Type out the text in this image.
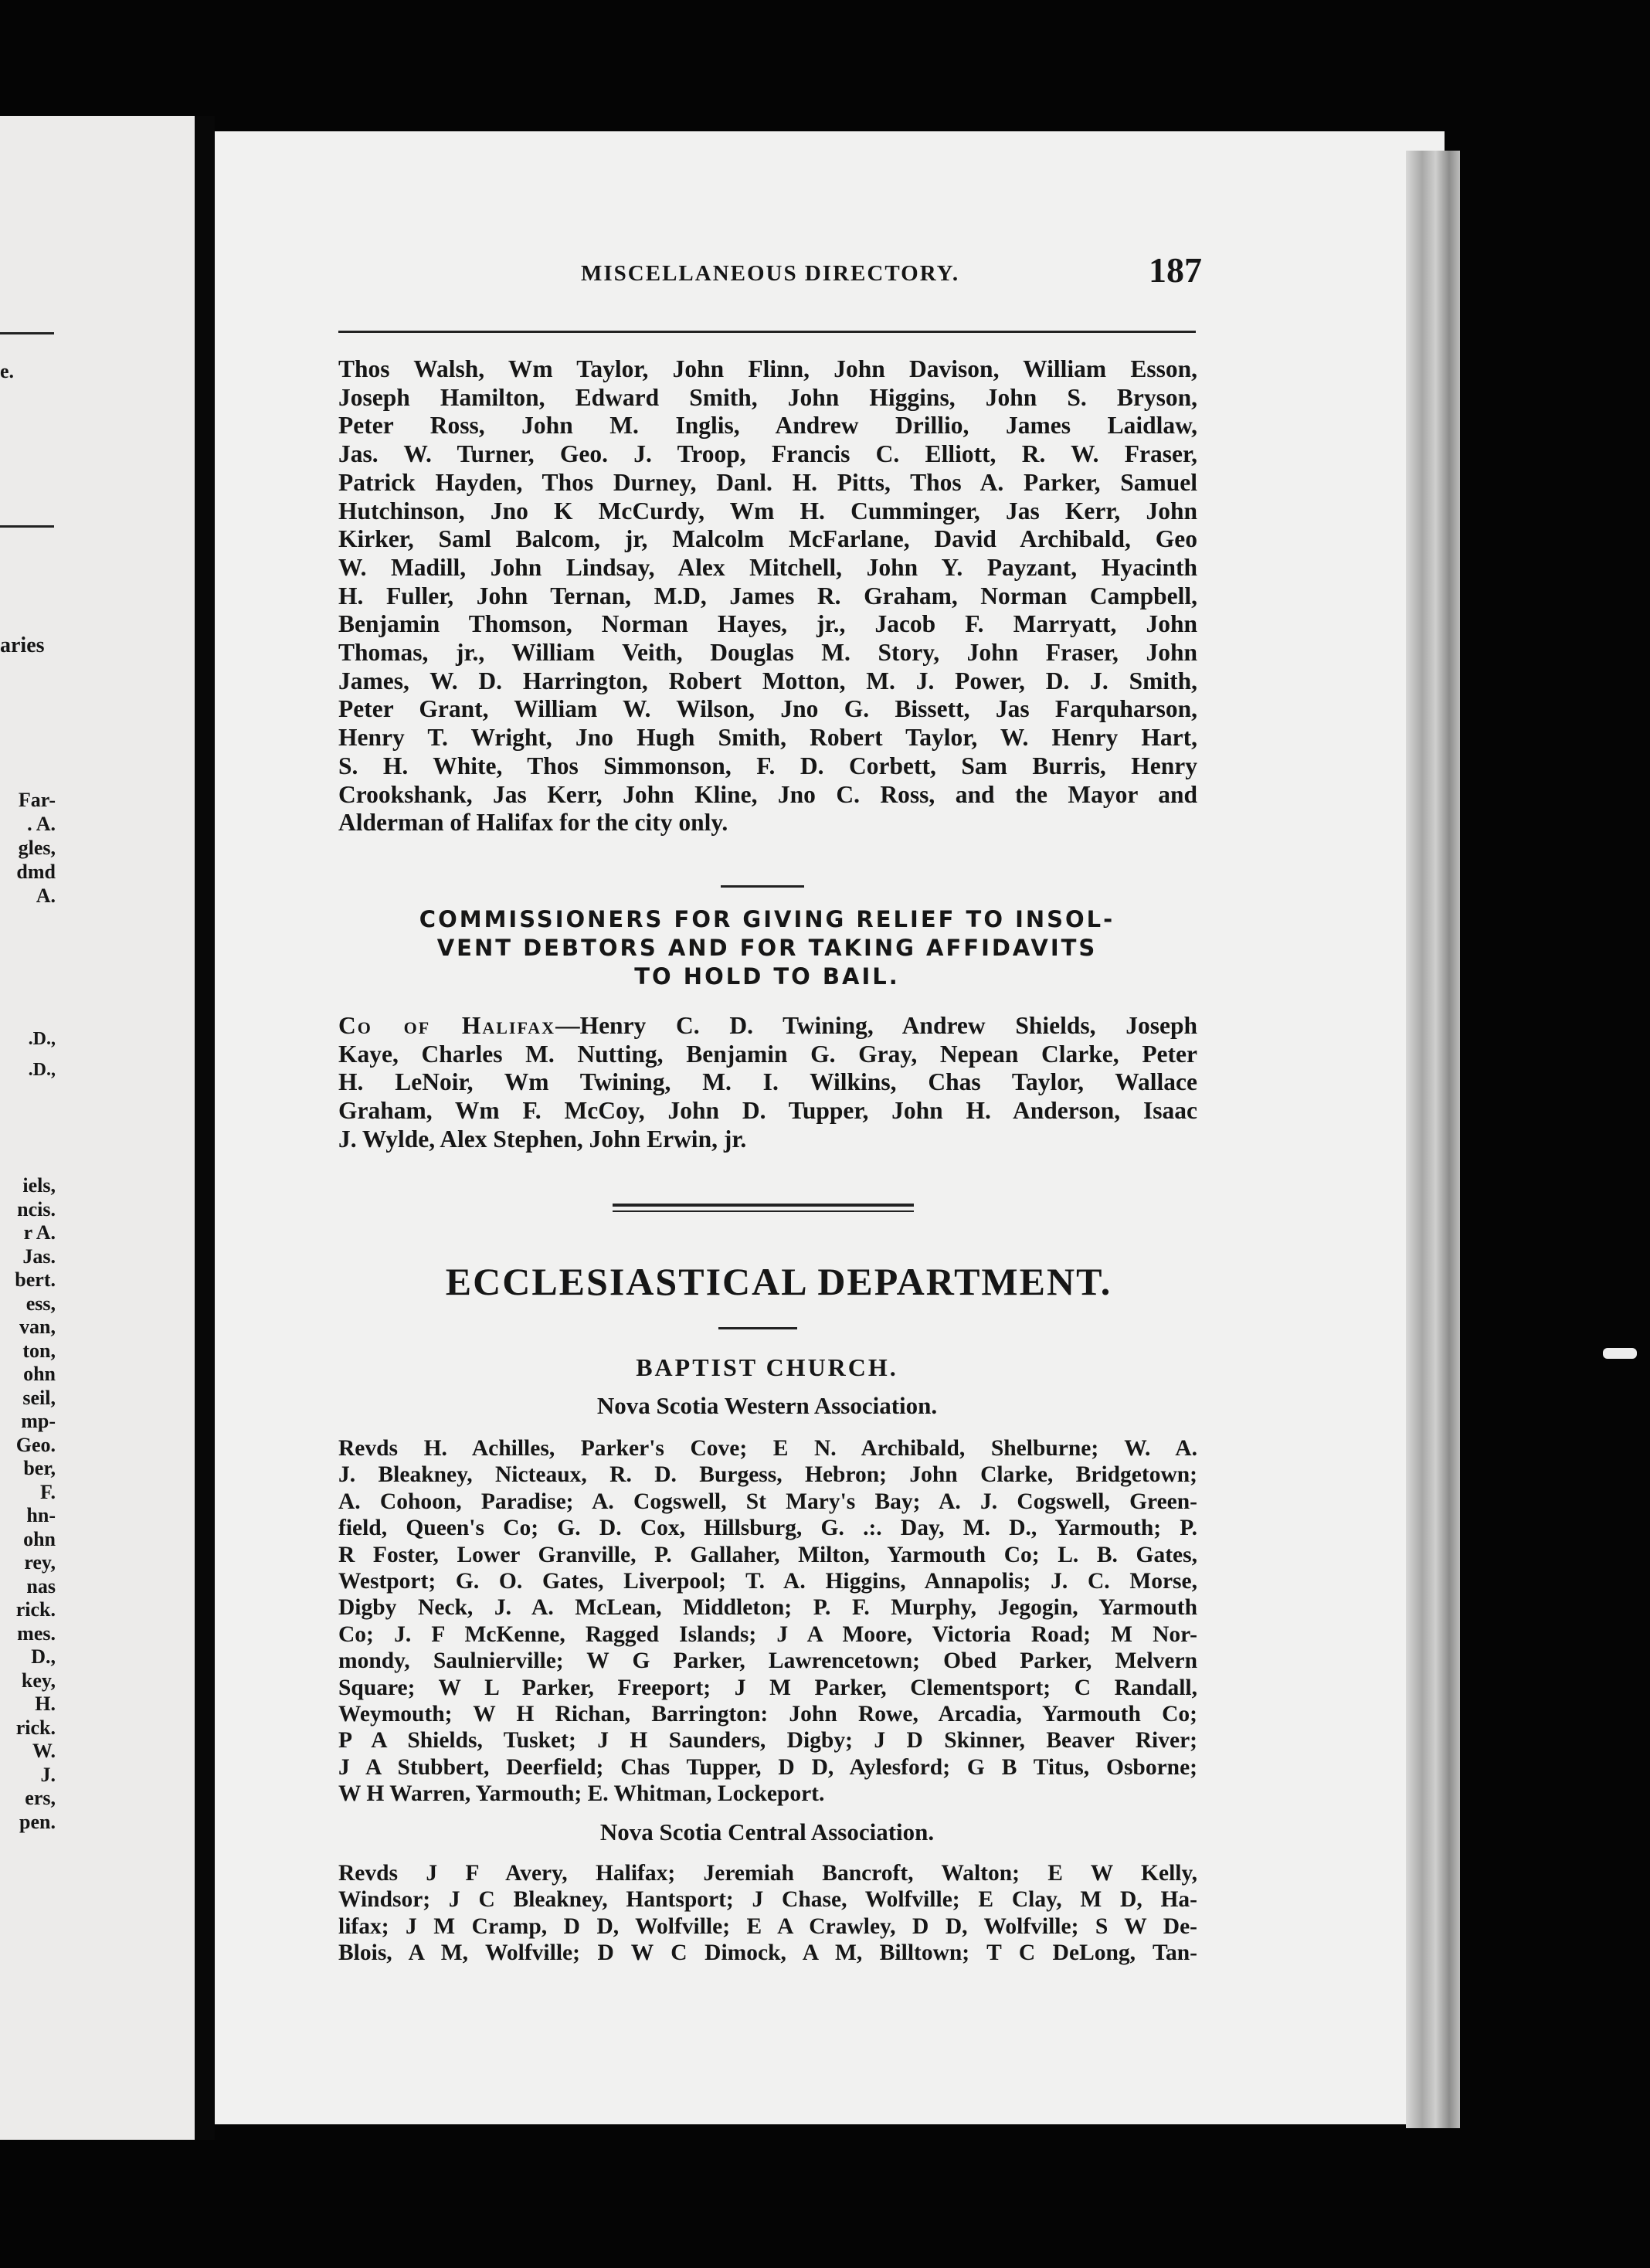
e.
aries
Far-
. A.
gles,
dmd
A.
.D.,
.D.,
iels,
ncis.
r A.
Jas.
bert.
ess,
van,
ton,
ohn
seil,
mp-
Geo.
ber,
F.
hn-
ohn
rey,
nas
rick.
mes.
D.,
key,
H.
rick.
W.
J.
ers,
pen.
MISCELLANEOUS DIRECTORY.	187
Thos Walsh, Wm Taylor, John Flinn, John Davison, William Esson,
Joseph Hamilton, Edward Smith, John Higgins, John S. Bryson,
Peter Ross, John M. Inglis, Andrew Drillio, James Laidlaw,
Jas. W. Turner, Geo. J. Troop, Francis C. Elliott, R. W. Fraser,
Patrick Hayden, Thos Durney, Danl. H. Pitts, Thos A. Parker, Samuel
Hutchinson, Jno K McCurdy, Wm H. Cumminger, Jas Kerr, John
Kirker, Saml Balcom, jr, Malcolm McFarlane, David Archibald, Geo
W. Madill, John Lindsay, Alex Mitchell, John Y. Payzant, Hyacinth
H. Fuller, John Ternan, M.D, James R. Graham, Norman Campbell,
Benjamin Thomson, Norman Hayes, jr., Jacob F. Marryatt, John
Thomas, jr., William Veith, Douglas M. Story, John Fraser, John
James, W. D. Harrington, Robert Motton, M. J. Power, D. J. Smith,
Peter Grant, William W. Wilson, Jno G. Bissett, Jas Farquharson,
Henry T. Wright, Jno Hugh Smith, Robert Taylor, W. Henry Hart,
S. H. White, Thos Simmonson, F. D. Corbett, Sam Burris, Henry
Crookshank, Jas Kerr, John Kline, Jno C. Ross, and the Mayor and
Alderman of Halifax for the city only.
COMMISSIONERS FOR GIVING RELIEF TO INSOL-
VENT DEBTORS AND FOR TAKING AFFIDAVITS
TO HOLD TO BAIL.
Co of Halifax—Henry C. D. Twining, Andrew Shields, Joseph
Kaye, Charles M. Nutting, Benjamin G. Gray, Nepean Clarke, Peter
H. LeNoir, Wm Twining, M. I. Wilkins, Chas Taylor, Wallace
Graham, Wm F. McCoy, John D. Tupper, John H. Anderson, Isaac
J. Wylde, Alex Stephen, John Erwin, jr.
ECCLESIASTICAL DEPARTMENT.
BAPTIST CHURCH.
Nova Scotia Western Association.
Revds H. Achilles, Parker's Cove; E N. Archibald, Shelburne; W. A.
J. Bleakney, Nicteaux, R. D. Burgess, Hebron; John Clarke, Bridgetown;
A. Cohoon, Paradise; A. Cogswell, St Mary's Bay; A. J. Cogswell, Green-
field, Queen's Co; G. D. Cox, Hillsburg, G. .:. Day, M. D., Yarmouth; P.
R Foster, Lower Granville, P. Gallaher, Milton, Yarmouth Co; L. B. Gates,
Westport; G. O. Gates, Liverpool; T. A. Higgins, Annapolis; J. C. Morse,
Digby Neck, J. A. McLean, Middleton; P. F. Murphy, Jegogin, Yarmouth
Co; J. F McKenne, Ragged Islands; J A Moore, Victoria Road; M Nor-
mondy, Saulnierville; W G Parker, Lawrencetown; Obed Parker, Melvern
Square; W L Parker, Freeport; J M Parker, Clementsport; C Randall,
Weymouth; W H Richan, Barrington: John Rowe, Arcadia, Yarmouth Co;
P A Shields, Tusket; J H Saunders, Digby; J D Skinner, Beaver River;
J A Stubbert, Deerfield; Chas Tupper, D D, Aylesford; G B Titus, Osborne;
W H Warren, Yarmouth; E. Whitman, Lockeport.
Nova Scotia Central Association.
Revds J F Avery, Halifax; Jeremiah Bancroft, Walton; E W Kelly,
Windsor; J C Bleakney, Hantsport; J Chase, Wolfville; E Clay, M D, Ha-
lifax; J M Cramp, D D, Wolfville; E A Crawley, D D, Wolfville; S W De-
Blois, A M, Wolfville; D W C Dimock, A M, Billtown; T C DeLong, Tan-
